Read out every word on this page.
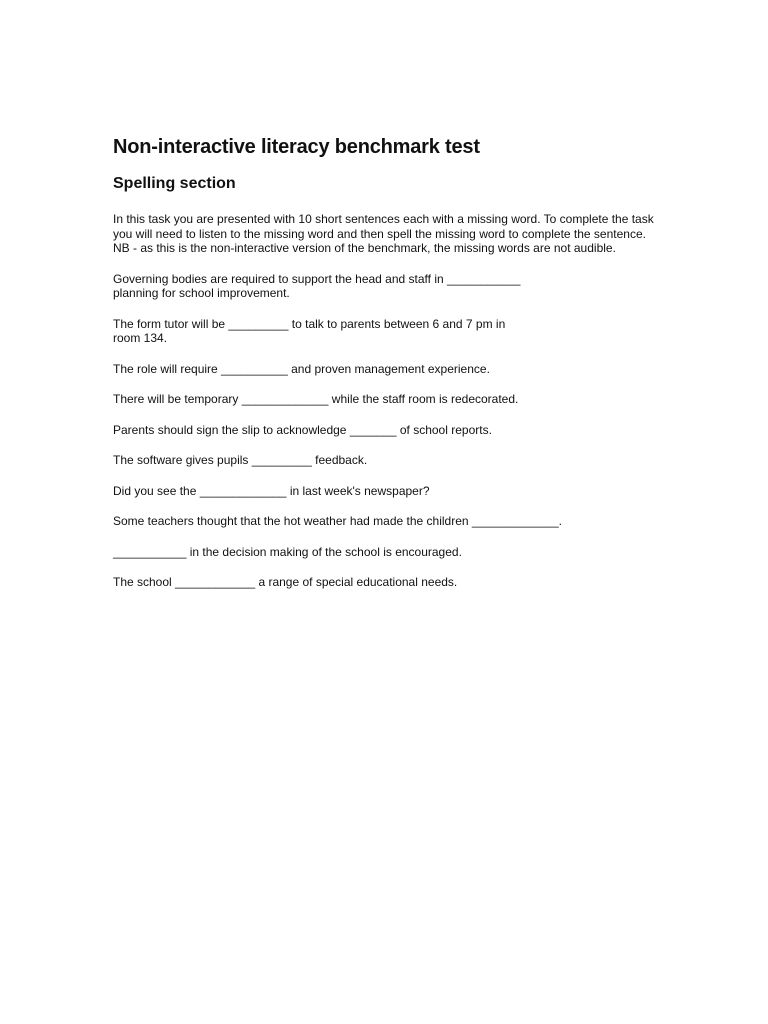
Non-interactive literacy benchmark test
Spelling section

In this task you are presented with 10 short sentences each with a missing word. To complete the task
you will need to listen to the missing word and then spell the missing word to complete the sentence.
NB - as this is the non-interactive version of the benchmark, the missing words are not audible.

Governing bodies are required to support the head and staff in ___________
planning for school improvement.
The form tutor will be _________ to talk to parents between 6 and 7 pm in
room 134.
The role will require __________ and proven management experience.
There will be temporary _____________ while the staff room is redecorated.
Parents should sign the slip to acknowledge _______ of school reports.
The software gives pupils _________ feedback.
Did you see the _____________ in last week's newspaper?
Some teachers thought that the hot weather had made the children _____________.
___________ in the decision making of the school is encouraged.
The school ____________ a range of special educational needs.
